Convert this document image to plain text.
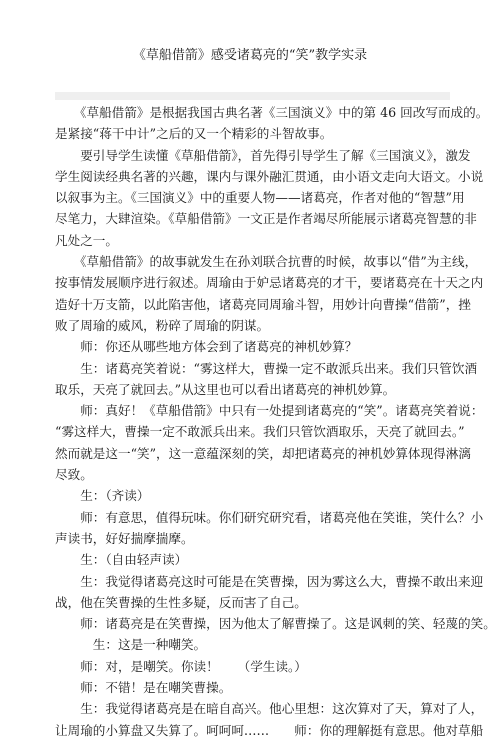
《草船借箭》感受诸葛亮的“笑”教学实录
　　《草船借箭》是根据我国古典名著《三国演义》中的第 46 回改写而成的。
是紧接“蒋干中计”之后的又一个精彩的斗智故事。
　　要引导学生读懂《草船借箭》，首先得引导学生了解《三国演义》，激发
学生阅读经典名著的兴趣，课内与课外融汇贯通，由小语文走向大语文。小说
以叙事为主。《三国演义》中的重要人物——诸葛亮，作者对他的“智慧”用
尽笔力，大肆渲染。《草船借箭》一文正是作者竭尽所能展示诸葛亮智慧的非
凡处之一。
　　《草船借箭》的故事就发生在孙刘联合抗曹的时候，故事以“借”为主线，
按事情发展顺序进行叙述。周瑜由于妒忌诸葛亮的才干，要诸葛亮在十天之内
造好十万支箭，以此陷害他，诸葛亮同周瑜斗智，用妙计向曹操“借箭”，挫
败了周瑜的威风，粉碎了周瑜的阴谋。
　　师：你还从哪些地方体会到了诸葛亮的神机妙算？
　　生：诸葛亮笑着说：“雾这样大，曹操一定不敢派兵出来。我们只管饮酒
取乐，天亮了就回去。”从这里也可以看出诸葛亮的神机妙算。
　　师：真好！《草船借箭》中只有一处提到诸葛亮的“笑”。诸葛亮笑着说：
“雾这样大，曹操一定不敢派兵出来。我们只管饮酒取乐，天亮了就回去。”
然而就是这一“笑”，这一意蕴深刻的笑，却把诸葛亮的神机妙算体现得淋漓
尽致。
　　生：（齐读）
　　师：有意思，值得玩味。你们研究研究看，诸葛亮他在笑谁，笑什么？小
声读书，好好揣摩揣摩。
　　生：（自由轻声读）
　　生：我觉得诸葛亮这时可能是在笑曹操，因为雾这么大，曹操不敢出来迎
战，他在笑曹操的生性多疑，反而害了自己。
　　师：诸葛亮是在笑曹操，因为他太了解曹操了。这是讽刺的笑、轻蔑的笑。
　　　生：这是一种嘲笑。
　　师：对，是嘲笑。你读！　　（学生读。）
　　师：不错！是在嘲笑曹操。
　　生：我觉得诸葛亮是在暗自高兴。他心里想：这次算对了天，算对了人，
让周瑜的小算盘又失算了。呵呵呵……　　师：你的理解挺有意思。他对草船
